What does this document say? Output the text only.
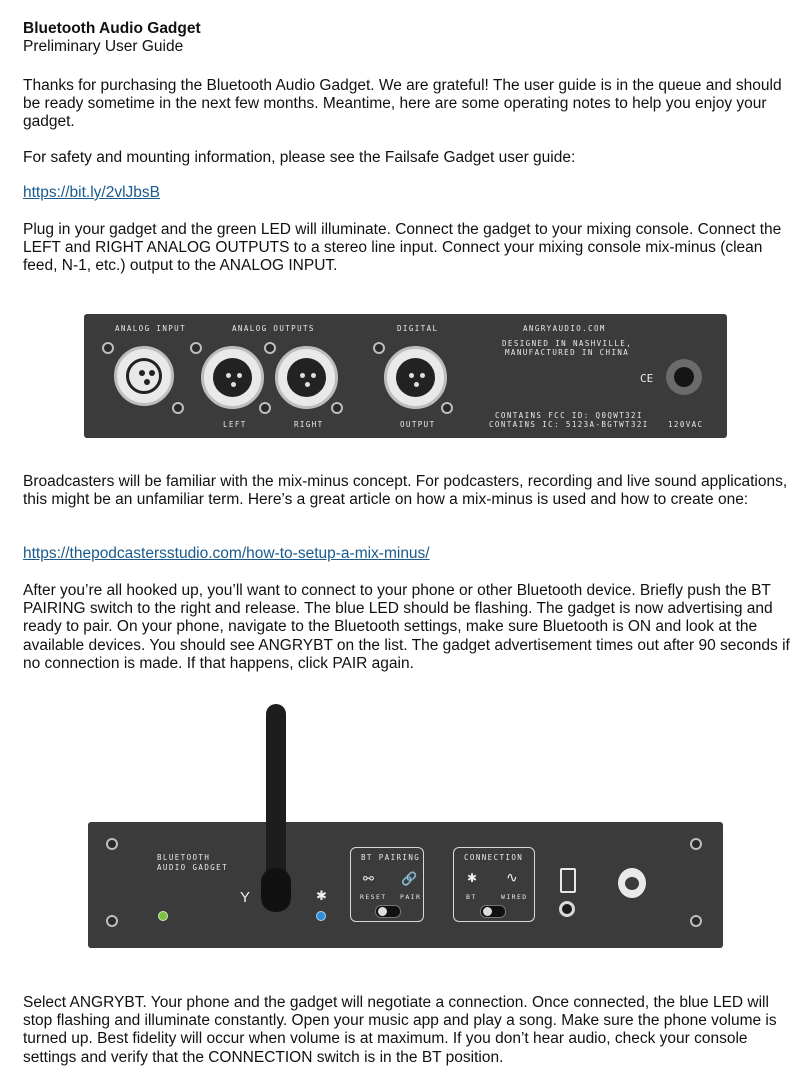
Bluetooth Audio Gadget

Preliminary User Guide

Thanks for purchasing the Bluetooth Audio Gadget. We are grateful! The user guide is in the queue and should be ready sometime in the next few months. Meantime, here are some operating notes to help you enjoy your gadget.
For safety and mounting information, please see the Failsafe Gadget user guide:
https://bit.ly/2vlJbsB
Plug in your gadget and the green LED will illuminate. Connect the gadget to your mixing console. Connect the LEFT and RIGHT ANALOG OUTPUTS to a stereo line input. Connect your mixing console mix-minus (clean feed, N-1, etc.) output to the ANALOG INPUT.
ANALOG INPUT	ANALOG OUTPUTS	DIGITAL	ANGRYAUDIO.COM
DESIGNED IN NASHVILLE,
MANUFACTURED IN CHINA
LEFT	RIGHT	OUTPUT
CONTAINS FCC ID: Q0QWT32I
CONTAINS IC: 5123A-BGTWT32I	120VAC
CE
Broadcasters will be familiar with the mix-minus concept. For podcasters, recording and live sound applications, this might be an unfamiliar term. Here’s a great article on how a mix-minus is used and how to create one:
https://thepodcastersstudio.com/how-to-setup-a-mix-minus/
After you’re all hooked up, you’ll want to connect to your phone or other Bluetooth device. Briefly push the BT PAIRING switch to the right and release. The blue LED should be flashing. The gadget is now advertising and ready to pair. On your phone, navigate to the Bluetooth settings, make sure Bluetooth is ON and look at the available devices. You should see ANGRYBT on the list. The gadget advertisement times out after 90 seconds if no connection is made. If that happens, click PAIR again.
BLUETOOTH
AUDIO GADGET
Y	✱
BT PAIRING
⚯ 🔗
RESET PAIR
CONNECTION
✱ ∿
BT	WIRED
Select ANGRYBT. Your phone and the gadget will negotiate a connection. Once connected, the blue LED will stop flashing and illuminate constantly. Open your music app and play a song. Make sure the phone volume is turned up. Best fidelity will occur when volume is at maximum. If you don’t hear audio, check your console settings and verify that the CONNECTION switch is in the BT position.
